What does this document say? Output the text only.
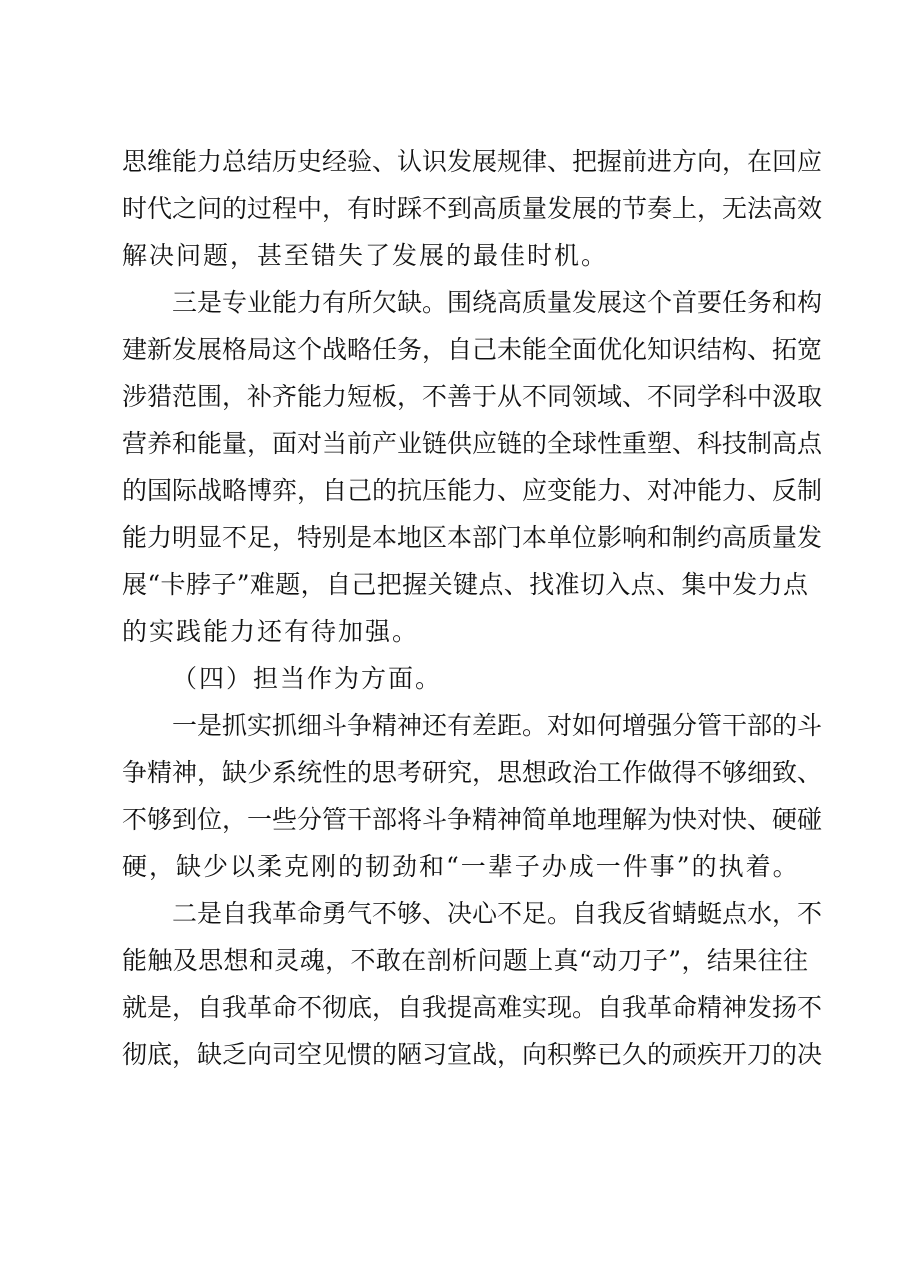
思维能力总结历史经验、认识发展规律、把握前进方向，在回应
时代之问的过程中，有时踩不到高质量发展的节奏上，无法高效
解决问题，甚至错失了发展的最佳时机。
三是专业能力有所欠缺。围绕高质量发展这个首要任务和构
建新发展格局这个战略任务，自己未能全面优化知识结构、拓宽
涉猎范围，补齐能力短板，不善于从不同领域、不同学科中汲取
营养和能量，面对当前产业链供应链的全球性重塑、科技制高点
的国际战略博弈，自己的抗压能力、应变能力、对冲能力、反制
能力明显不足，特别是本地区本部门本单位影响和制约高质量发
展“卡脖子”难题，自己把握关键点、找准切入点、集中发力点
的实践能力还有待加强。
（四）担当作为方面。
一是抓实抓细斗争精神还有差距。对如何增强分管干部的斗
争精神，缺少系统性的思考研究，思想政治工作做得不够细致、
不够到位，一些分管干部将斗争精神简单地理解为快对快、硬碰
硬，缺少以柔克刚的韧劲和“一辈子办成一件事”的执着。
二是自我革命勇气不够、决心不足。自我反省蜻蜓点水，不
能触及思想和灵魂，不敢在剖析问题上真“动刀子”，结果往往
就是，自我革命不彻底，自我提高难实现。自我革命精神发扬不
彻底，缺乏向司空见惯的陋习宣战，向积弊已久的顽疾开刀的决
